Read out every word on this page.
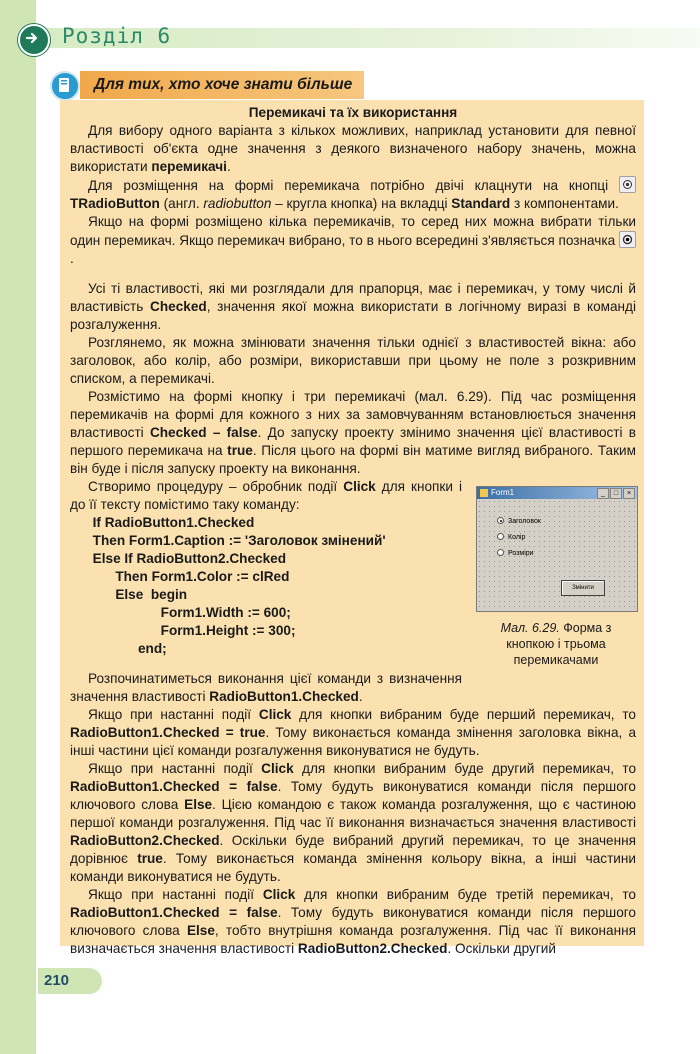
Розділ 6
Для тих, хто хоче знати більше

Перемикачі та їх використання

Для вибору одного варіанта з кількох можливих, наприклад установити для певної властивості об'єкта одне значення з деякого визначеного набору значень, можна використати перемикачі.

Для розміщення на формі перемикача потрібно двічі клацнути на кнопці
TRadioButton (англ. radiobutton – кругла кнопка) на вкладці Standard з компонентами.

Якщо на формі розміщено кілька перемикачів, то серед них можна вибрати тільки один перемикач. Якщо перемикач вибрано, то в нього всередині з'являється позначка
.

Усі ті властивості, які ми розглядали для прапорця, має і перемикач, у тому числі й властивість Checked, значення якої можна використати в логічному виразі в команді розгалуження.

Розглянемо, як можна змінювати значення тільки однієї з властивостей вікна: або заголовок, або колір, або розміри, використавши при цьому не поле з розкривним списком, а перемикачі.

Розмістимо на формі кнопку і три перемикачі (мал. 6.29). Під час розміщення перемикачів на формі для кожного з них за замовчуванням встановлюється значення властивості Checked – false. До запуску проекту змінимо значення цієї властивості в першого перемикача на true. Після цього на формі він матиме вигляд вибраного. Таким він буде і після запуску проекту на виконання.

Form1	_	□	×
Заголовок
Колір
Розміри
Змінити
Мал. 6.29. Форма з кнопкою і трьома перемикачами

Створимо процедуру – обробник події Click для кнопки і до її тексту помістимо таку команду:

If RadioButton1.Checked
Then Form1.Caption := 'Заголовок змінений'
Else If RadioButton2.Checked
Then Form1.Color := clRed
Else  begin
Form1.Width := 600;
Form1.Height := 300;
end;

Розпочинатиметься виконання цієї команди з визначення значення властивості RadioButton1.Checked.

Якщо при настанні події Click для кнопки вибраним буде перший перемикач, то RadioButton1.Checked = true. Тому виконається команда змінення заголовка вікна, а інші частини цієї команди розгалуження виконуватися не будуть.

Якщо при настанні події Click для кнопки вибраним буде другий перемикач, то RadioButton1.Checked = false. Тому будуть виконуватися команди після першого ключового слова Else. Цією командою є також команда розгалуження, що є частиною першої команди розгалуження. Під час її виконання визначається значення властивості RadioButton2.Checked. Оскільки буде вибраний другий перемикач, то це значення дорівнює true. Тому виконається команда змінення кольору вікна, а інші частини команди виконуватися не будуть.

Якщо при настанні події Click для кнопки вибраним буде третій перемикач, то RadioButton1.Checked = false. Тому будуть виконуватися команди після першого ключового слова Else, тобто внутрішня команда розгалуження. Під час її виконання визначається значення властивості RadioButton2.Checked. Оскільки другий

210
